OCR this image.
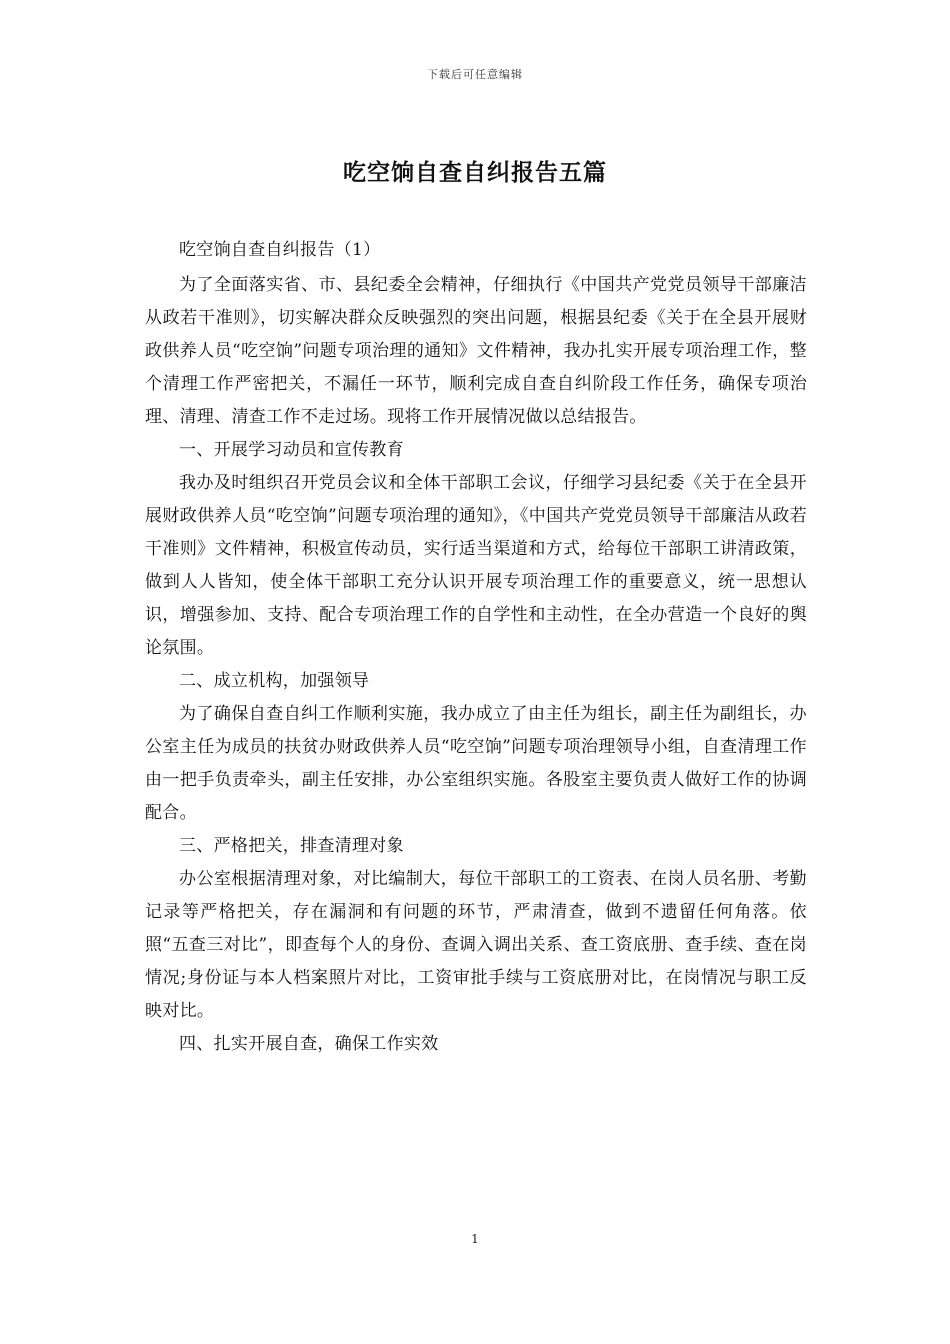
下载后可任意编辑
吃空饷自查自纠报告五篇

吃空饷自查自纠报告（1）

为了全面落实省、市、县纪委全会精神，仔细执行《中国共产党党员领导干部廉洁从政若干准则》，切实解决群众反映强烈的突出问题，根据县纪委《关于在全县开展财政供养人员“吃空饷”问题专项治理的通知》文件精神，我办扎实开展专项治理工作，整个清理工作严密把关，不漏任一环节，顺利完成自查自纠阶段工作任务，确保专项治理、清理、清查工作不走过场。现将工作开展情况做以总结报告。

一、开展学习动员和宣传教育

我办及时组织召开党员会议和全体干部职工会议，仔细学习县纪委《关于在全县开展财政供养人员“吃空饷”问题专项治理的通知》，《中国共产党党员领导干部廉洁从政若干准则》文件精神，积极宣传动员，实行适当渠道和方式，给每位干部职工讲清政策，做到人人皆知，使全体干部职工充分认识开展专项治理工作的重要意义，统一思想认识，增强参加、支持、配合专项治理工作的自学性和主动性，在全办营造一个良好的舆论氛围。

二、成立机构，加强领导

为了确保自查自纠工作顺利实施，我办成立了由主任为组长，副主任为副组长，办公室主任为成员的扶贫办财政供养人员“吃空饷”问题专项治理领导小组，自查清理工作由一把手负责牵头，副主任安排，办公室组织实施。各股室主要负责人做好工作的协调配合。

三、严格把关，排查清理对象

办公室根据清理对象，对比编制大，每位干部职工的工资表、在岗人员名册、考勤记录等严格把关，存在漏洞和有问题的环节，严肃清查，做到不遗留任何角落。依照“五查三对比”，即查每个人的身份、查调入调出关系、查工资底册、查手续、查在岗情况;身份证与本人档案照片对比，工资审批手续与工资底册对比，在岗情况与职工反映对比。

四、扎实开展自查，确保工作实效

1
